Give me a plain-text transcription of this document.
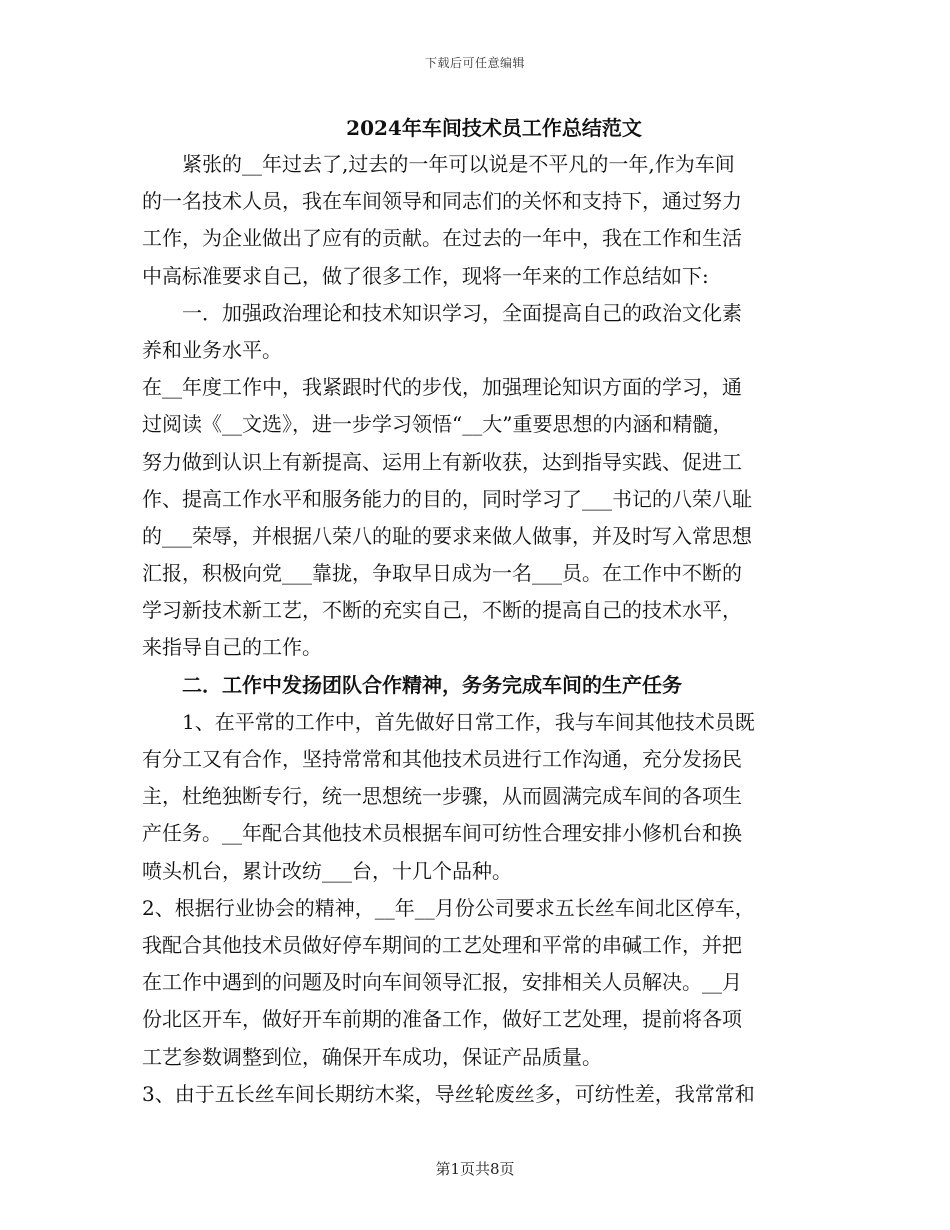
下载后可任意编辑
2024年车间技术员工作总结范文
紧张的__年过去了,过去的一年可以说是不平凡的一年,作为车间
的一名技术人员，我在车间领导和同志们的关怀和支持下，通过努力
工作，为企业做出了应有的贡献。在过去的一年中，我在工作和生活
中高标准要求自己，做了很多工作，现将一年来的工作总结如下:
一．加强政治理论和技术知识学习，全面提高自己的政治文化素
养和业务水平。
在__年度工作中，我紧跟时代的步伐，加强理论知识方面的学习，通
过阅读《__文选》，进一步学习领悟“__大”重要思想的内涵和精髓，
努力做到认识上有新提高、运用上有新收获，达到指导实践、促进工
作、提高工作水平和服务能力的目的，同时学习了___书记的八荣八耻
的___荣辱，并根据八荣八的耻的要求来做人做事，并及时写入常思想
汇报，积极向党___靠拢，争取早日成为一名___员。在工作中不断的
学习新技术新工艺，不断的充实自己，不断的提高自己的技术水平，
来指导自己的工作。
二．工作中发扬团队合作精神，务务完成车间的生产任务
1、在平常的工作中，首先做好日常工作，我与车间其他技术员既
有分工又有合作，坚持常常和其他技术员进行工作沟通，充分发扬民
主，杜绝独断专行，统一思想统一步骤，从而圆满完成车间的各项生
产任务。__年配合其他技术员根据车间可纺性合理安排小修机台和换
喷头机台，累计改纺___台，十几个品种。
2、根据行业协会的精神，__年__月份公司要求五长丝车间北区停车，
我配合其他技术员做好停车期间的工艺处理和平常的串碱工作，并把
在工作中遇到的问题及时向车间领导汇报，安排相关人员解决。__月
份北区开车，做好开车前期的准备工作，做好工艺处理，提前将各项
工艺参数调整到位，确保开车成功，保证产品质量。
3、由于五长丝车间长期纺木桨，导丝轮废丝多，可纺性差，我常常和
第1页共8页
